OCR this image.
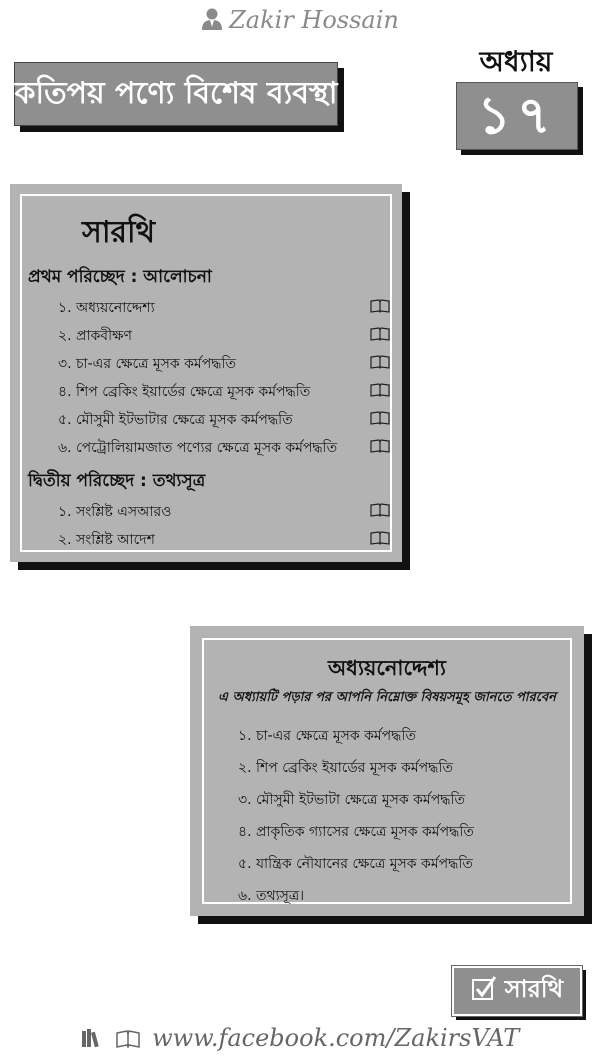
Zakir Hossain
কতিপয় পণ্যে বিশেষ ব্যবস্থা
অধ্যায়
১৭
সারথি
প্রথম পরিচ্ছেদ : আলোচনা
১. অধ্যয়নোদ্দেশ্য
২. প্রাকবীক্ষণ
৩. চা-এর ক্ষেত্রে মূসক কর্মপদ্ধতি
৪. শিপ ব্রেকিং ইয়ার্ডের ক্ষেত্রে মূসক কর্মপদ্ধতি
৫. মৌসুমী ইটভাটার ক্ষেত্রে মূসক কর্মপদ্ধতি
৬. পেট্রোলিয়ামজাত পণ্যের ক্ষেত্রে মূসক কর্মপদ্ধতি
দ্বিতীয় পরিচ্ছেদ : তথ্যসূত্র
১. সংশ্লিষ্ট এসআরও
২. সংশ্লিষ্ট আদেশ
অধ্যয়নোদ্দেশ্য
এ অধ্যায়টি পড়ার পর আপনি নিম্নোক্ত বিষয়সমূহ জানতে পারবেন
১. চা-এর ক্ষেত্রে মূসক কর্মপদ্ধতি
২. শিপ ব্রেকিং ইয়ার্ডের মূসক কর্মপদ্ধতি
৩. মৌসুমী ইটভাটা ক্ষেত্রে মূসক কর্মপদ্ধতি
৪. প্রাকৃতিক গ্যাসের ক্ষেত্রে মূসক কর্মপদ্ধতি
৫. যান্ত্রিক নৌযানের ক্ষেত্রে মূসক কর্মপদ্ধতি
৬. তথ্যসূত্র।
সারথি
www.facebook.com/ZakirsVAT
